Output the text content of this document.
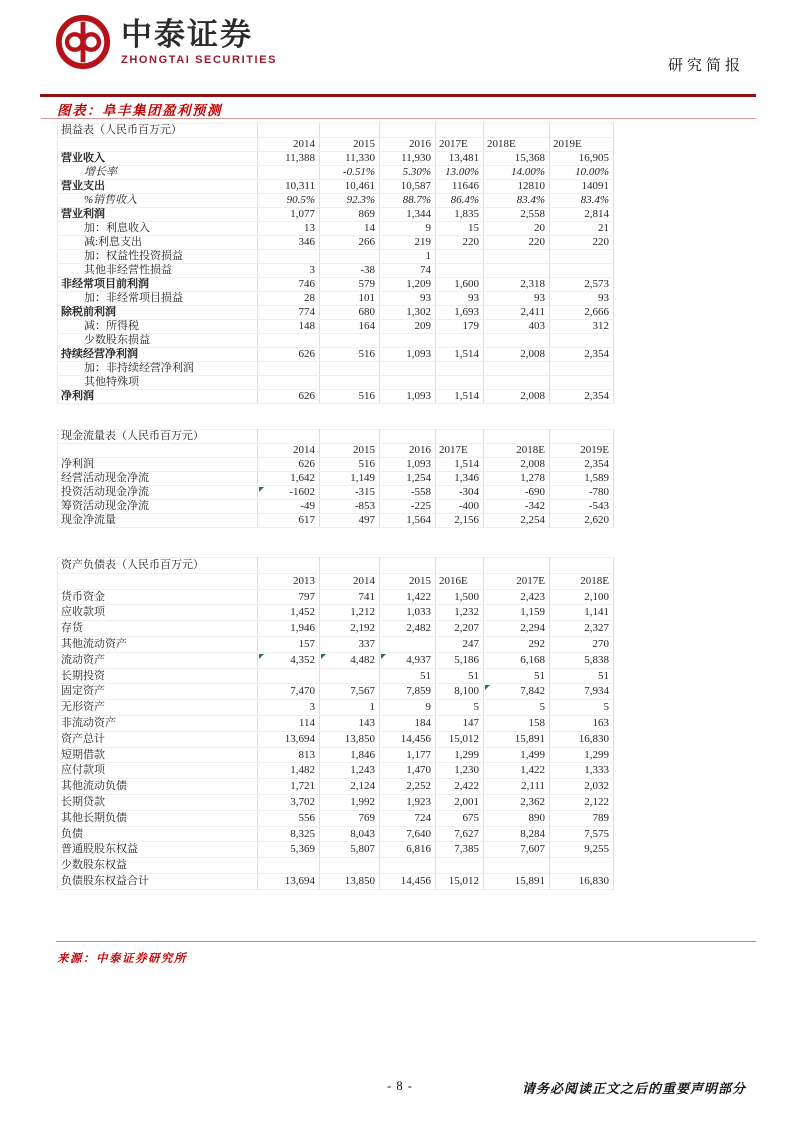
中泰证券
ZHONGTAI SECURITIES	研究简报
图表：阜丰集团盈利预测
损益表（人民币百万元）						
	2014	2015	2016	2017E	2018E	2019E
营业收入	11,388	11,330	11,930	13,481	15,368	16,905
增长率		-0.51%	5.30%	13.00%	14.00%	10.00%
营业支出	10,311	10,461	10,587	11646	12810	14091
%销售收入	90.5%	92.3%	88.7%	86.4%	83.4%	83.4%
营业利润	1,077	869	1,344	1,835	2,558	2,814
加：利息收入	13	14	9	15	20	21
减:利息支出	346	266	219	220	220	220
加：权益性投资损益			1			
其他非经营性损益	3	-38	74			
非经常项目前利润	746	579	1,209	1,600	2,318	2,573
加：非经常项目损益	28	101	93	93	93	93
除税前利润	774	680	1,302	1,693	2,411	2,666
减：所得税	148	164	209	179	403	312
少数股东损益						
持续经营净利润	626	516	1,093	1,514	2,008	2,354
加：非持续经营净利润						
其他特殊项						
净利润	626	516	1,093	1,514	2,008	2,354
现金流量表（人民币百万元）						
	2014	2015	2016	2017E	2018E	2019E
净利润	626	516	1,093	1,514	2,008	2,354
经营活动现金净流	1,642	1,149	1,254	1,346	1,278	1,589
投资活动现金净流	-1602	-315	-558	-304	-690	-780
筹资活动现金净流	-49	-853	-225	-400	-342	-543
现金净流量	617	497	1,564	2,156	2,254	2,620
资产负债表（人民币百万元）						
	2013	2014	2015	2016E	2017E	2018E
货币资金	797	741	1,422	1,500	2,423	2,100
应收款项	1,452	1,212	1,033	1,232	1,159	1,141
存货	1,946	2,192	2,482	2,207	2,294	2,327
其他流动资产	157	337		247	292	270
流动资产	4,352	4,482	4,937	5,186	6,168	5,838
长期投资			51	51	51	51
固定资产	7,470	7,567	7,859	8,100	7,842	7,934
无形资产	3	1	9	5	5	5
非流动资产	114	143	184	147	158	163
资产总计	13,694	13,850	14,456	15,012	15,891	16,830
短期借款	813	1,846	1,177	1,299	1,499	1,299
应付款项	1,482	1,243	1,470	1,230	1,422	1,333
其他流动负债	1,721	2,124	2,252	2,422	2,111	2,032
长期贷款	3,702	1,992	1,923	2,001	2,362	2,122
其他长期负债	556	769	724	675	890	789
负债	8,325	8,043	7,640	7,627	8,284	7,575
普通股股东权益	5,369	5,807	6,816	7,385	7,607	9,255
少数股东权益						
负债股东权益合计	13,694	13,850	14,456	15,012	15,891	16,830
来源：中泰证券研究所
- 8 -	请务必阅读正文之后的重要声明部分
